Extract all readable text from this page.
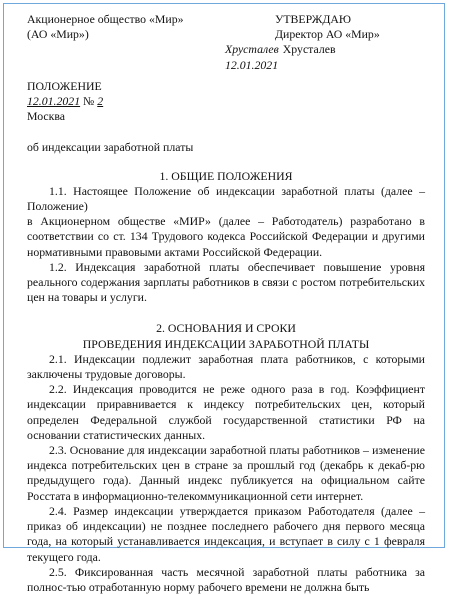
Акционерное общество «Мир»	УТВЕРЖДАЮ
(АО «Мир»)	Директор АО «Мир»
Хрусталев Хрусталев
12.01.2021

ПОЛОЖЕНИЕ

12.01.2021 № 2

Москва

об индексации заработной платы

1. ОБЩИЕ ПОЛОЖЕНИЯ

1.1. Настоящее Положение об индексации заработной платы (далее – Положение)

в Акционерном обществе «МИР» (далее – Работодатель) разработано в соответствии со ст. 134 Трудового кодекса Российской Федерации и другими нормативными правовыми актами Российской Федерации.

1.2. Индексация заработной платы обеспечивает повышение уровня реального содержания зарплаты работников в связи с ростом потребительских цен на товары и услуги.

2. ОСНОВАНИЯ И СРОКИ

ПРОВЕДЕНИЯ ИНДЕКСАЦИИ ЗАРАБОТНОЙ ПЛАТЫ

2.1. Индексации подлежит заработная плата работников, с которыми заключены трудовые договоры.

2.2. Индексация проводится не реже одного раза в год. Коэффициент индексации приравнивается к индексу потребительских цен, который определен Федеральной службой государственной статистики РФ на основании статистических данных.

2.3. Основание для индексации заработной платы работников – изменение индекса потребительских цен в стране за прошлый год (декабрь к декаб-рю предыдущего года). Данный индекс публикуется на официальном сайте Росстата в информационно-телекоммуникационной сети интернет.

2.4. Размер индексации утверждается приказом Работодателя (далее – приказ об индексации) не позднее последнего рабочего дня первого месяца года, на который устанавливается индексация, и вступает в силу с 1 февраля текущего года.

2.5. Фиксированная часть месячной заработной платы работника за полнос-тью отработанную норму рабочего времени не должна быть
